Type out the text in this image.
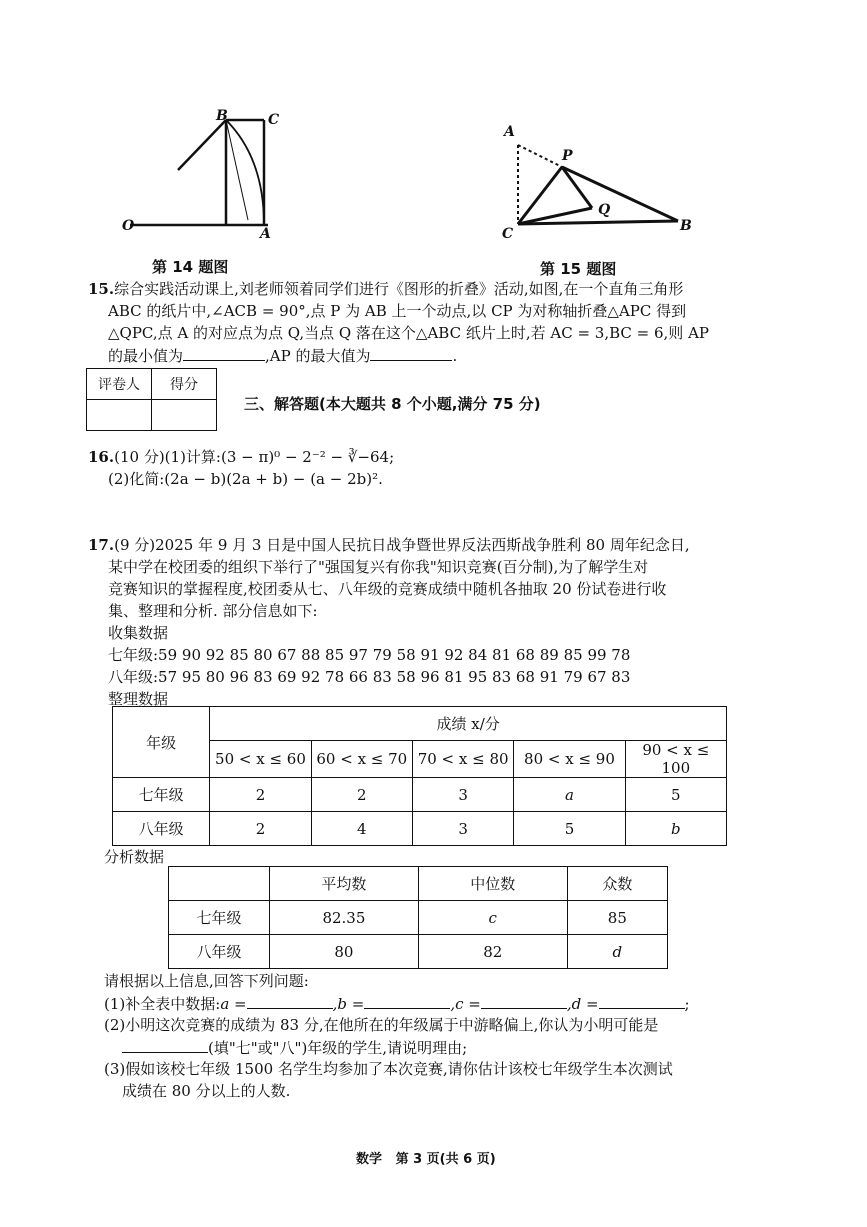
B	C
O	A
第 14 题图
A
P
Q
C	B
第 15 题图
15.综合实践活动课上,刘老师领着同学们进行《图形的折叠》活动,如图,在一个直角三角形
ABC 的纸片中,∠ACB = 90°,点 P 为 AB 上一个动点,以 CP 为对称轴折叠△APC 得到
△QPC,点 A 的对应点为点 Q,当点 Q 落在这个△ABC 纸片上时,若 AC = 3,BC = 6,则 AP
的最小值为	,AP 的最大值为	.
评卷人	得分

三、解答题(本大题共 8 个小题,满分 75 分)
16.(10 分)(1)计算:(3 − π)⁰ − 2⁻² − ∛−64;
(2)化简:(2a − b)(2a + b) − (a − 2b)².
17.(9 分)2025 年 9 月 3 日是中国人民抗日战争暨世界反法西斯战争胜利 80 周年纪念日,
某中学在校团委的组织下举行了"强国复兴有你我"知识竞赛(百分制),为了解学生对
竞赛知识的掌握程度,校团委从七、八年级的竞赛成绩中随机各抽取 20 份试卷进行收
集、整理和分析. 部分信息如下:
收集数据
七年级:59 90 92 85 80 67 88 85 97 79 58 91 92 84 81 68 89 85 99 78
八年级:57 95 80 96 83 69 92 78 66 83 58 96 81 95 83 68 91 79 67 83
整理数据
年级	成绩 x/分				
	50 < x ≤ 60	60 < x ≤ 70	70 < x ≤ 80	80 < x ≤ 90	90 < x ≤ 100
七年级	2	2	3	a	5
八年级	2	4	3	5	b
分析数据
	平均数	中位数	众数
七年级	82.35	c	85
八年级	80	82	d
请根据以上信息,回答下列问题:
(1)补全表中数据:a =	,b =	,c =	,d =	;
(2)小明这次竞赛的成绩为 83 分,在他所在的年级属于中游略偏上,你认为小明可能是
(填"七"或"八")年级的学生,请说明理由;
(3)假如该校七年级 1500 名学生均参加了本次竞赛,请你估计该校七年级学生本次测试
成绩在 80 分以上的人数.
数学   第 3 页(共 6 页)
